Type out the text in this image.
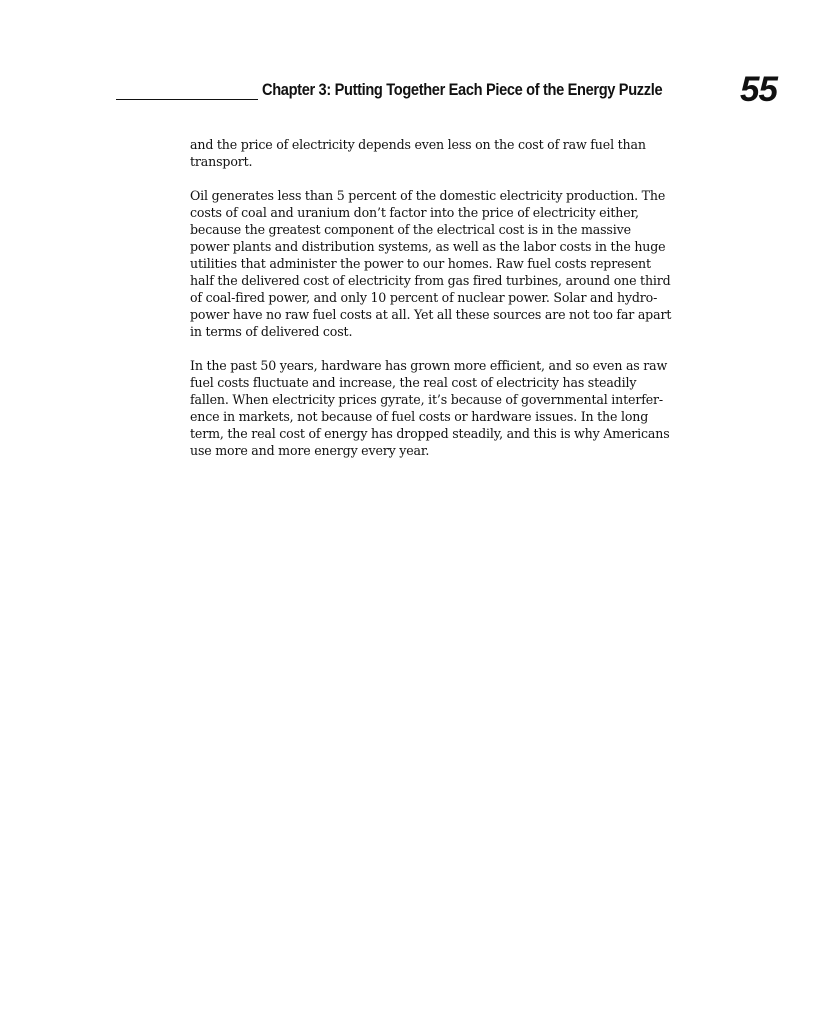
Chapter 3: Putting Together Each Piece of the Energy Puzzle 55

and the price of electricity depends even less on the cost of raw fuel than
transport.

Oil generates less than 5 percent of the domestic electricity production. The
costs of coal and uranium don’t factor into the price of electricity either,
because the greatest component of the electrical cost is in the massive
power plants and distribution systems, as well as the labor costs in the huge
utilities that administer the power to our homes. Raw fuel costs represent
half the delivered cost of electricity from gas fired turbines, around one third
of coal-fired power, and only 10 percent of nuclear power. Solar and hydro-
power have no raw fuel costs at all. Yet all these sources are not too far apart
in terms of delivered cost.

In the past 50 years, hardware has grown more efficient, and so even as raw
fuel costs fluctuate and increase, the real cost of electricity has steadily
fallen. When electricity prices gyrate, it’s because of governmental interfer-
ence in markets, not because of fuel costs or hardware issues. In the long
term, the real cost of energy has dropped steadily, and this is why Americans
use more and more energy every year.
